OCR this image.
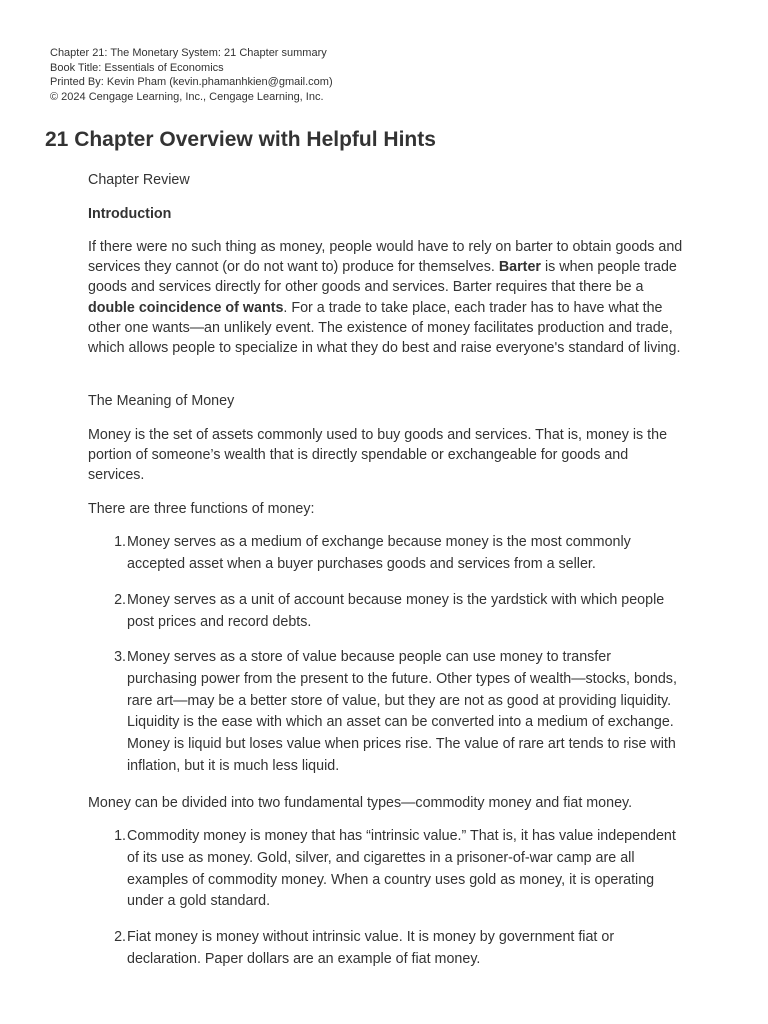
Chapter 21: The Monetary System: 21 Chapter summary
Book Title: Essentials of Economics
Printed By: Kevin Pham (kevin.phamanhkien@gmail.com)
© 2024 Cengage Learning, Inc., Cengage Learning, Inc.
21 Chapter Overview with Helpful Hints

Chapter Review

Introduction

If there were no such thing as money, people would have to rely on barter to obtain goods and services they cannot (or do not want to) produce for themselves. Barter is when people trade goods and services directly for other goods and services. Barter requires that there be a double coincidence of wants. For a trade to take place, each trader has to have what the other one wants—an unlikely event. The existence of money facilitates production and trade, which allows people to specialize in what they do best and raise everyone's standard of living.

The Meaning of Money

Money is the set of assets commonly used to buy goods and services. That is, money is the portion of someone’s wealth that is directly spendable or exchangeable for goods and services.

There are three functions of money:

1. Money serves as a medium of exchange because money is the most commonly accepted asset when a buyer purchases goods and services from a seller.
2. Money serves as a unit of account because money is the yardstick with which people post prices and record debts.
3. Money serves as a store of value because people can use money to transfer purchasing power from the present to the future. Other types of wealth—stocks, bonds, rare art—may be a better store of value, but they are not as good at providing liquidity. Liquidity is the ease with which an asset can be converted into a medium of exchange. Money is liquid but loses value when prices rise. The value of rare art tends to rise with inflation, but it is much less liquid.

Money can be divided into two fundamental types—commodity money and fiat money.

1. Commodity money is money that has “intrinsic value.” That is, it has value independent of its use as money. Gold, silver, and cigarettes in a prisoner-of-war camp are all examples of commodity money. When a country uses gold as money, it is operating under a gold standard.
2. Fiat money is money without intrinsic value. It is money by government fiat or declaration. Paper dollars are an example of fiat money.
